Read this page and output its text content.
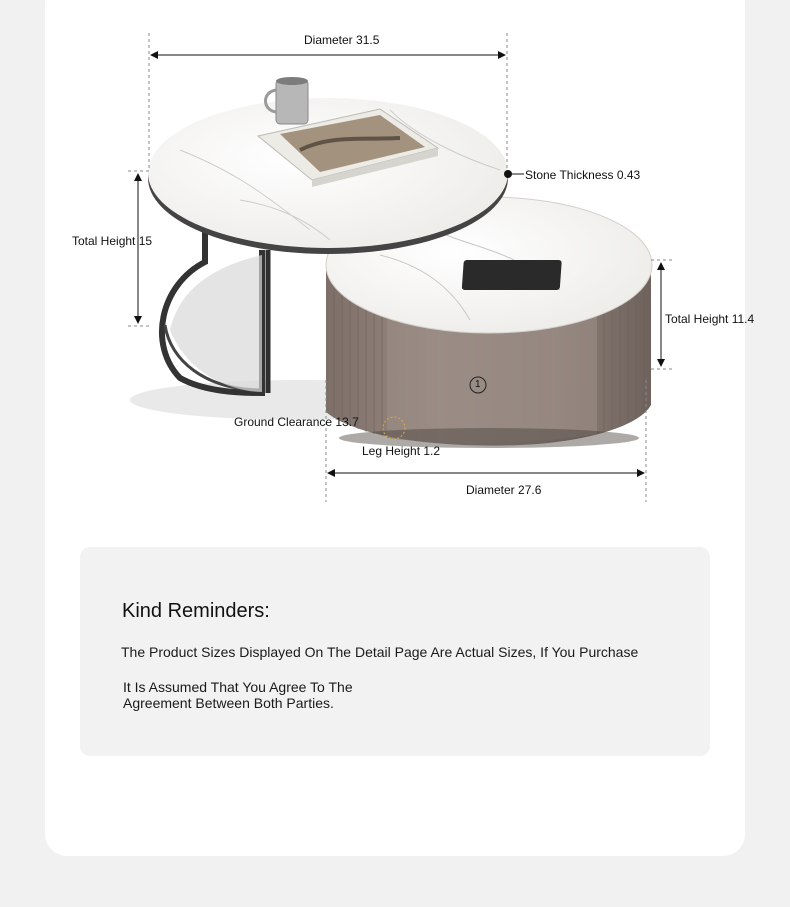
Diameter 31.5
Stone Thickness 0.43
Total Height 15
Total Height 11.4
1
Ground Clearance 13.7
Leg Height 1.2
Diameter 27.6
Kind Reminders:
The Product Sizes Displayed On The Detail Page Are Actual Sizes, If You Purchase
It Is Assumed That You Agree To The Agreement Between Both Parties.
